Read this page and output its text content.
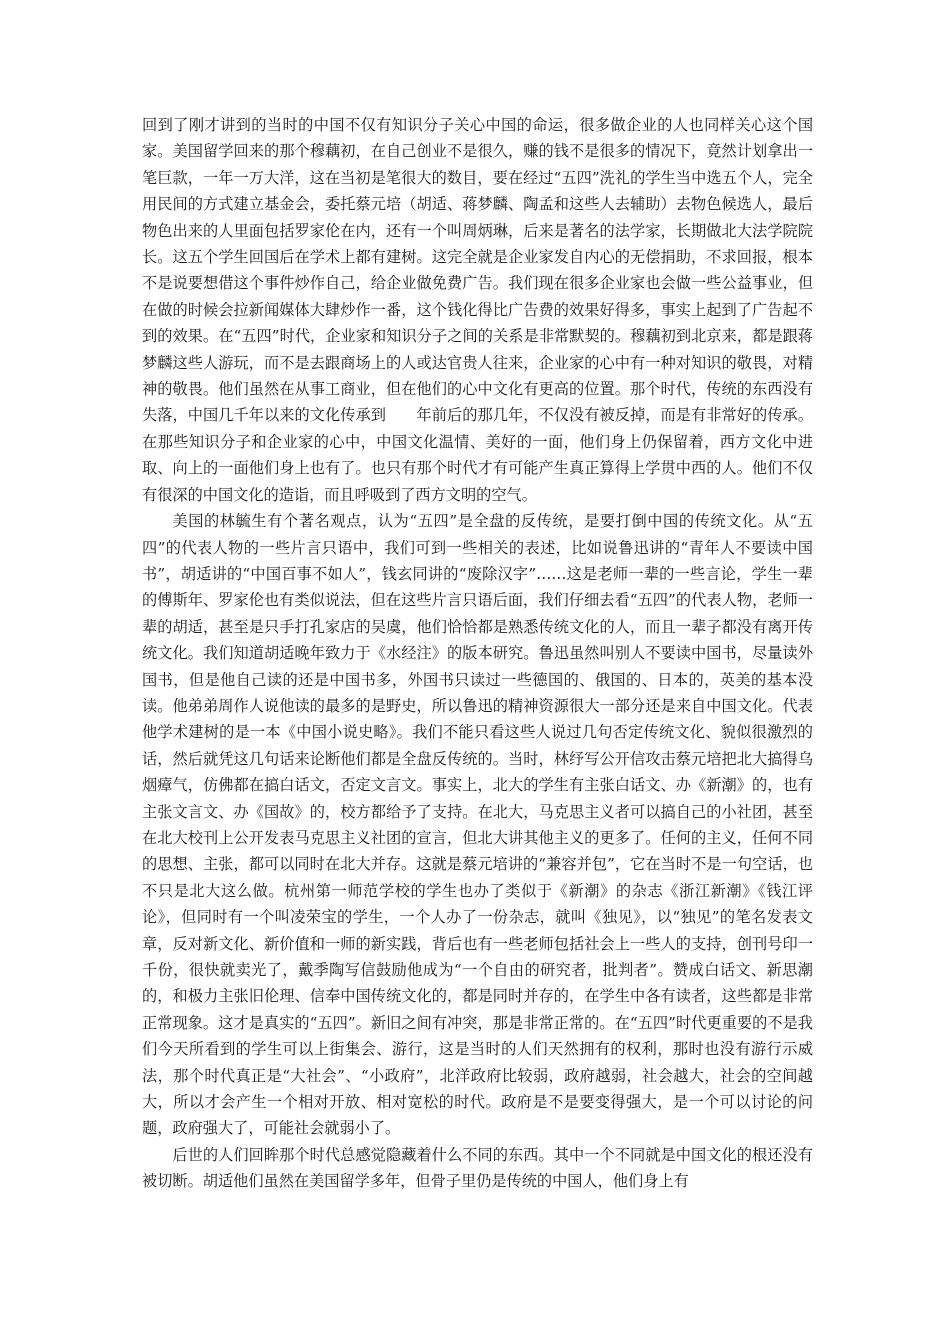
回到了刚才讲到的当时的中国不仅有知识分子关心中国的命运，很多做企业的人也同样关心这个国家。美国留学回来的那个穆藕初，在自己创业不是很久，赚的钱不是很多的情况下，竟然计划拿出一笔巨款，一年一万大洋，这在当初是笔很大的数目，要在经过“五四”洗礼的学生当中选五个人，完全用民间的方式建立基金会，委托蔡元培（胡适、蒋梦麟、陶孟和这些人去辅助）去物色候选人，最后物色出来的人里面包括罗家伦在内，还有一个叫周炳琳，后来是著名的法学家，长期做北大法学院院长。这五个学生回国后在学术上都有建树。这完全就是企业家发自内心的无偿捐助，不求回报，根本不是说要想借这个事件炒作自己，给企业做免费广告。我们现在很多企业家也会做一些公益事业，但在做的时候会拉新闻媒体大肆炒作一番，这个钱化得比广告费的效果好得多，事实上起到了广告起不到的效果。在“五四”时代，企业家和知识分子之间的关系是非常默契的。穆藕初到北京来，都是跟蒋梦麟这些人游玩，而不是去跟商场上的人或达官贵人往来，企业家的心中有一种对知识的敬畏，对精神的敬畏。他们虽然在从事工商业，但在他们的心中文化有更高的位置。那个时代，传统的东西没有失落，中国几千年以来的文化传承到　　年前后的那几年，不仅没有被反掉，而是有非常好的传承。在那些知识分子和企业家的心中，中国文化温情、美好的一面，他们身上仍保留着，西方文化中进取、向上的一面他们身上也有了。也只有那个时代才有可能产生真正算得上学贯中西的人。他们不仅有很深的中国文化的造诣，而且呼吸到了西方文明的空气。

美国的林毓生有个著名观点，认为“五四”是全盘的反传统，是要打倒中国的传统文化。从“五四”的代表人物的一些片言只语中，我们可到一些相关的表述，比如说鲁迅讲的“青年人不要读中国书”，胡适讲的“中国百事不如人”，钱玄同讲的“废除汉字”……这是老师一辈的一些言论，学生一辈的傅斯年、罗家伦也有类似说法，但在这些片言只语后面，我们仔细去看“五四”的代表人物，老师一辈的胡适，甚至是只手打孔家店的吴虞，他们恰恰都是熟悉传统文化的人，而且一辈子都没有离开传统文化。我们知道胡适晚年致力于《水经注》的版本研究。鲁迅虽然叫别人不要读中国书，尽量读外国书，但是他自己读的还是中国书多，外国书只读过一些德国的、俄国的、日本的，英美的基本没读。他弟弟周作人说他读的最多的是野史，所以鲁迅的精神资源很大一部分还是来自中国文化。代表他学术建树的是一本《中国小说史略》。我们不能只看这些人说过几句否定传统文化、貌似很激烈的话，然后就凭这几句话来论断他们都是全盘反传统的。当时，林纾写公开信攻击蔡元培把北大搞得乌烟瘴气，仿佛都在搞白话文，否定文言文。事实上，北大的学生有主张白话文、办《新潮》的，也有主张文言文、办《国故》的，校方都给予了支持。在北大，马克思主义者可以搞自己的小社团，甚至在北大校刊上公开发表马克思主义社团的宣言，但北大讲其他主义的更多了。任何的主义，任何不同的思想、主张，都可以同时在北大并存。这就是蔡元培讲的“兼容并包”，它在当时不是一句空话，也不只是北大这么做。杭州第一师范学校的学生也办了类似于《新潮》的杂志《浙江新潮》《钱江评论》，但同时有一个叫凌荣宝的学生，一个人办了一份杂志，就叫《独见》，以“独见”的笔名发表文章，反对新文化、新价值和一师的新实践，背后也有一些老师包括社会上一些人的支持，创刊号印一千份，很快就卖光了，戴季陶写信鼓励他成为“一个自由的研究者，批判者”。赞成白话文、新思潮的，和极力主张旧伦理、信奉中国传统文化的，都是同时并存的，在学生中各有读者，这些都是非常正常现象。这才是真实的“五四”。新旧之间有冲突，那是非常正常的。在“五四”时代更重要的不是我们今天所看到的学生可以上街集会、游行，这是当时的人们天然拥有的权利，那时也没有游行示威法，那个时代真正是“大社会”、“小政府”，北洋政府比较弱，政府越弱，社会越大，社会的空间越大，所以才会产生一个相对开放、相对宽松的时代。政府是不是要变得强大，是一个可以讨论的问题，政府强大了，可能社会就弱小了。

后世的人们回眸那个时代总感觉隐藏着什么不同的东西。其中一个不同就是中国文化的根还没有被切断。胡适他们虽然在美国留学多年，但骨子里仍是传统的中国人，他们身上有
